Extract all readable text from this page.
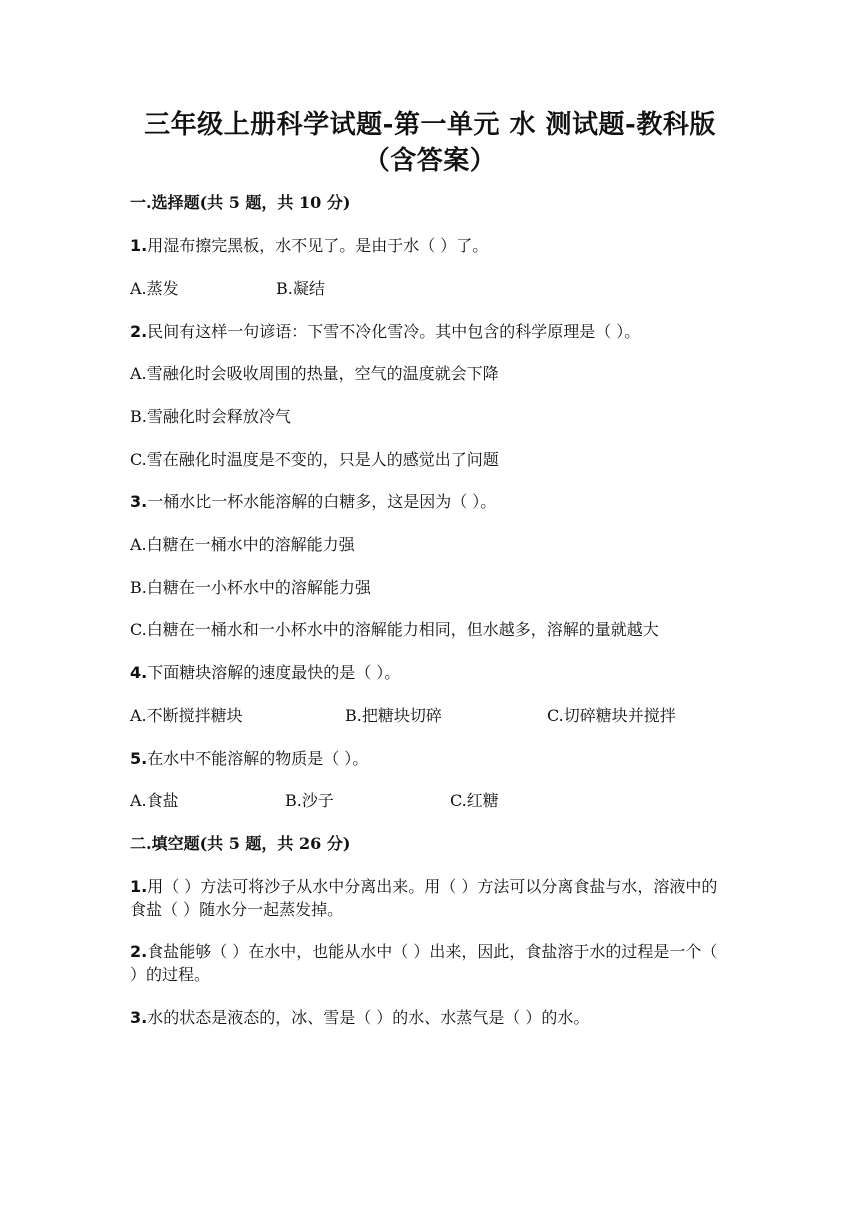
三年级上册科学试题-第一单元 水 测试题-教科版
（含答案）
一.选择题(共 5 题，共 10 分)
1.用湿布擦完黑板，水不见了。是由于水（ ）了。
A.蒸发	B.凝结
2.民间有这样一句谚语：下雪不冷化雪冷。其中包含的科学原理是（ ）。
A.雪融化时会吸收周围的热量，空气的温度就会下降
B.雪融化时会释放冷气
C.雪在融化时温度是不变的，只是人的感觉出了问题
3.一桶水比一杯水能溶解的白糖多，这是因为（ ）。
A.白糖在一桶水中的溶解能力强
B.白糖在一小杯水中的溶解能力强
C.白糖在一桶水和一小杯水中的溶解能力相同，但水越多，溶解的量就越大
4.下面糖块溶解的速度最快的是（ ）。
A.不断搅拌糖块	B.把糖块切碎	C.切碎糖块并搅拌
5.在水中不能溶解的物质是（ ）。
A.食盐	B.沙子	C.红糖
二.填空题(共 5 题，共 26 分)
1.用（ ）方法可将沙子从水中分离出来。用（ ）方法可以分离食盐与水，溶液中的食盐（ ）随水分一起蒸发掉。
2.食盐能够（ ）在水中，也能从水中（ ）出来，因此，食盐溶于水的过程是一个（ ）的过程。
3.水的状态是液态的，冰、雪是（ ）的水、水蒸气是（ ）的水。
